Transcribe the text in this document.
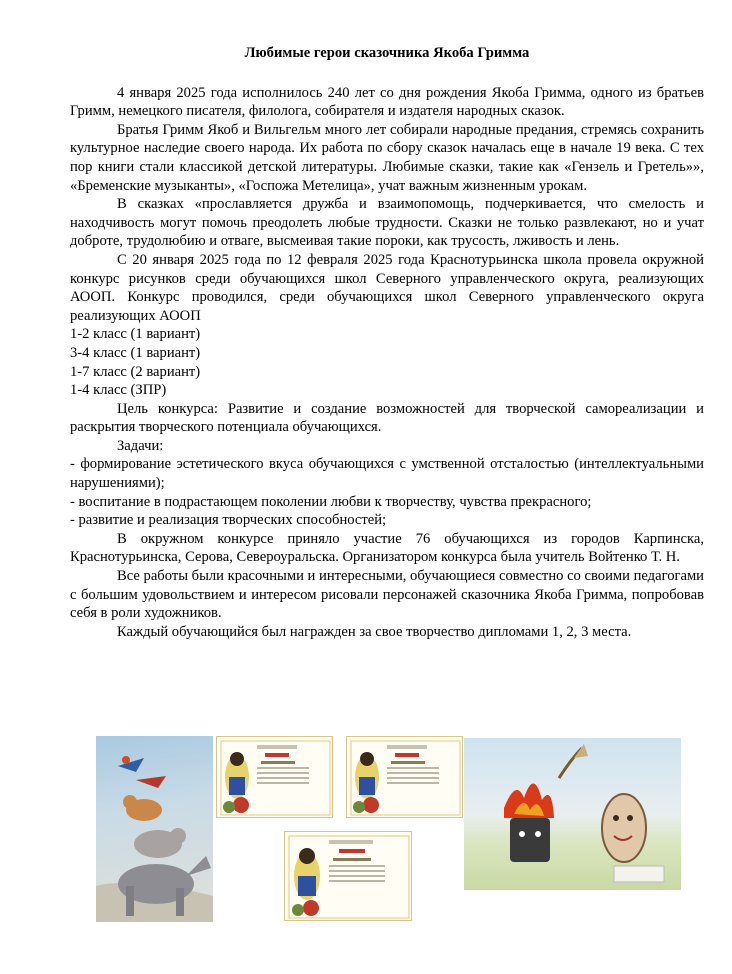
Любимые герои сказочника Якоба Гримма

4 января 2025 года исполнилось 240 лет со дня рождения Якоба Гримма, одного из братьев Гримм, немецкого писателя, филолога, собирателя и издателя народных сказок.

Братья Гримм Якоб и Вильгельм много лет собирали народные предания, стремясь сохранить культурное наследие своего народа. Их работа по сбору сказок началась еще в начале 19 века. С тех пор книги стали классикой детской литературы. Любимые сказки, такие как «Гензель и Гретель»», «Бременские музыканты», «Госпожа Метелица», учат важным жизненным урокам.

В сказках «прославляется дружба и взаимопомощь, подчеркивается, что смелость и находчивость могут помочь преодолеть любые трудности. Сказки не только развлекают, но и учат доброте, трудолюбию и отваге, высмеивая такие пороки, как трусость, лживость и лень.

С 20 января 2025 года по 12 февраля 2025 года Краснотурьинска школа провела окружной конкурс рисунков среди обучающихся школ Северного управленческого округа, реализующих АООП. Конкурс проводился, среди обучающихся школ Северного управленческого округа реализующих АООП

1-2 класс (1 вариант)

3-4 класс (1 вариант)

1-7 класс (2 вариант)

1-4 класс (ЗПР)

Цель конкурса: Развитие и создание возможностей для творческой самореализации и раскрытия творческого потенциала обучающихся.

Задачи:

- формирование эстетического вкуса обучающихся с умственной отсталостью (интеллектуальными нарушениями);

- воспитание в подрастающем поколении любви к творчеству, чувства прекрасного;

- развитие и реализация творческих способностей;

В окружном конкурсе приняло участие 76 обучающихся из городов Карпинска, Краснотурьинска, Серова, Североуральска. Организатором конкурса была учитель Войтенко Т. Н.

Все работы были красочными и интересными, обучающиеся совместно со своими педагогами с большим удовольствием и интересом рисовали персонажей сказочника Якоба Гримма, попробовав себя в роли художников.

Каждый обучающийся был награжден за свое творчество дипломами 1, 2, 3 места.
